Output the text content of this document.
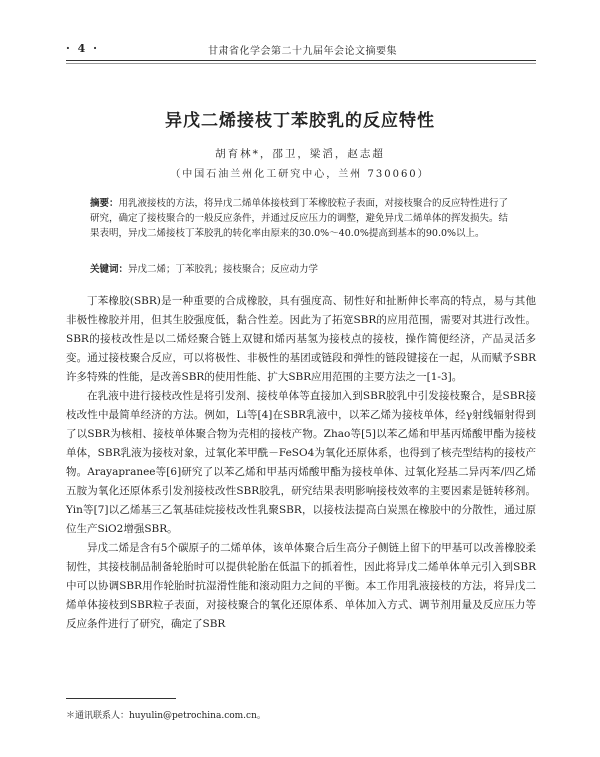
· 4 ·	甘肃省化学会第二十九届年会论文摘要集
异戊二烯接枝丁苯胶乳的反应特性
胡育林*，邵卫，梁滔，赵志超
（中国石油兰州化工研究中心，兰州 730060）
摘要：用乳液接枝的方法，将异戊二烯单体接枝到丁苯橡胶粒子表面，对接枝聚合的反应特性进行了研究，确定了接枝聚合的一般反应条件，并通过反应压力的调整，避免异戊二烯单体的挥发损失。结果表明，异戊二烯接枝丁苯胶乳的转化率由原来的30.0%～40.0%提高到基本的90.0%以上。
关键词：异戊二烯；丁苯胶乳；接枝聚合；反应动力学

丁苯橡胶(SBR)是一种重要的合成橡胶，具有强度高、韧性好和扯断伸长率高的特点，易与其他非极性橡胶并用，但其生胶强度低，黏合性差。因此为了拓宽SBR的应用范围，需要对其进行改性。SBR的接枝改性是以二烯烃聚合链上双键和烯丙基氢为接枝点的接枝，操作简便经济，产品灵活多变。通过接枝聚合反应，可以将极性、非极性的基团或链段和弹性的链段键接在一起，从而赋予SBR许多特殊的性能，是改善SBR的使用性能、扩大SBR应用范围的主要方法之一[1-3]。

在乳液中进行接枝改性是将引发剂、接枝单体等直接加入到SBR胶乳中引发接枝聚合，是SBR接枝改性中最简单经济的方法。例如，Li等[4]在SBR乳液中，以苯乙烯为接枝单体，经γ射线辐射得到了以SBR为核相、接枝单体聚合物为壳相的接枝产物。Zhao等[5]以苯乙烯和甲基丙烯酸甲酯为接枝单体，SBR乳液为接枝对象，过氧化苯甲酰－FeSO4为氧化还原体系，也得到了核壳型结构的接枝产物。Arayapranee等[6]研究了以苯乙烯和甲基丙烯酸甲酯为接枝单体、过氧化羟基二异丙苯/四乙烯五胺为氧化还原体系引发剂接枝改性SBR胶乳，研究结果表明影响接枝效率的主要因素是链转移剂。Yin等[7]以乙烯基三乙氧基硅烷接枝改性乳聚SBR，以接枝法提高白炭黑在橡胶中的分散性，通过原位生产SiO2增强SBR。

异戊二烯是含有5个碳原子的二烯单体，该单体聚合后生高分子侧链上留下的甲基可以改善橡胶柔韧性，其接枝制品制备轮胎时可以提供轮胎在低温下的抓着性，因此将异戊二烯单体单元引入到SBR中可以协调SBR用作轮胎时抗湿滑性能和滚动阻力之间的平衡。本工作用乳液接枝的方法，将异戊二烯单体接枝到SBR粒子表面，对接枝聚合的氧化还原体系、单体加入方式、调节剂用量及反应压力等反应条件进行了研究，确定了SBR

＊通讯联系人：huyulin@petrochina.com.cn。
